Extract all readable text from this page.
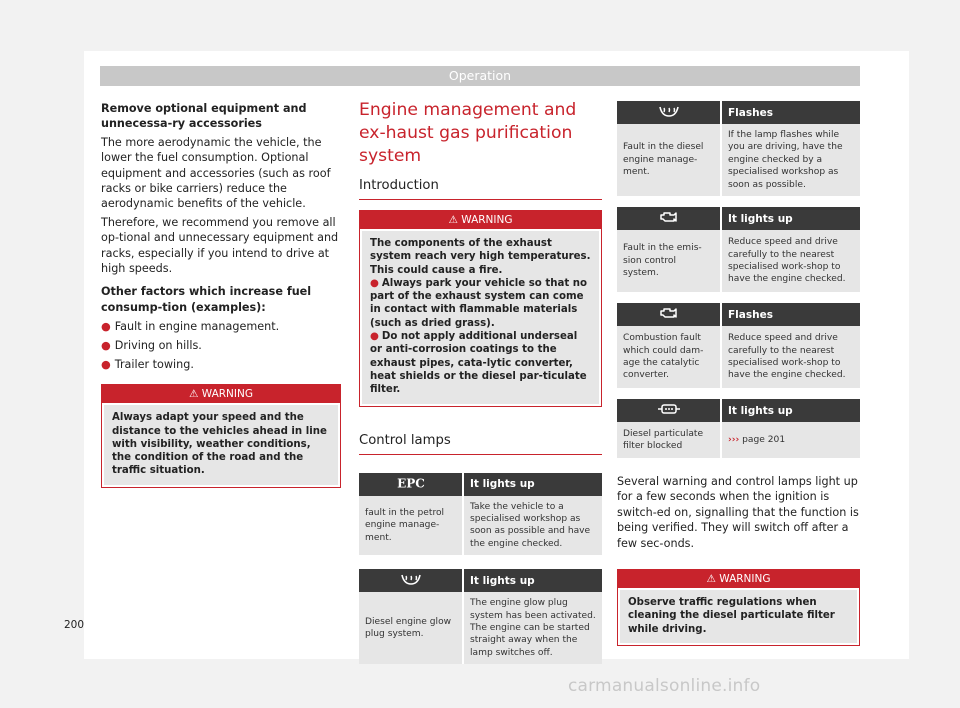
Operation

Remove optional equipment and unnecessa-ry accessories

The more aerodynamic the vehicle, the lower the fuel consumption. Optional equipment and accessories (such as roof racks or bike carriers) reduce the aerodynamic benefits of the vehicle.

Therefore, we recommend you remove all op-tional and unnecessary equipment and racks, especially if you intend to drive at high speeds.

Other factors which increase fuel consump-tion (examples):

● Fault in engine management.
● Driving on hills.
● Trailer towing.
⚠ WARNING
Always adapt your speed and the distance to the vehicles ahead in line with visibility, weather conditions, the condition of the road and the traffic situation.

Engine management and ex-haust gas purification system

Introduction

⚠ WARNING

The components of the exhaust system reach very high temperatures. This could cause a fire.

● Always park your vehicle so that no part of the exhaust system can come in contact with flammable materials (such as dried grass).

● Do not apply additional underseal or anti-corrosion coatings to the exhaust pipes, cata-lytic converter, heat shields or the diesel par-ticulate filter.

Control lamps

EPC	It lights up
fault in the petrol engine manage-ment.	Take the vehicle to a specialised workshop as soon as possible and have the engine checked.
	It lights up
Diesel engine glow plug system.	The engine glow plug system has been activated. The engine can be started straight away when the lamp switches off.
	Flashes
Fault in the diesel engine manage-ment.	If the lamp flashes while you are driving, have the engine checked by a specialised workshop as soon as possible.
	It lights up
Fault in the emis-sion control system.	Reduce speed and drive carefully to the nearest specialised work-shop to have the engine checked.
	Flashes
Combustion fault which could dam-age the catalytic converter.	Reduce speed and drive carefully to the nearest specialised work-shop to have the engine checked.
	It lights up
Diesel particulate filter blocked	››› page 201

Several warning and control lamps light up for a few seconds when the ignition is switch-ed on, signalling that the function is being verified. They will switch off after a few sec-onds.

⚠ WARNING
Observe traffic regulations when cleaning the diesel particulate filter while driving.
200
carmanualsonline.info
